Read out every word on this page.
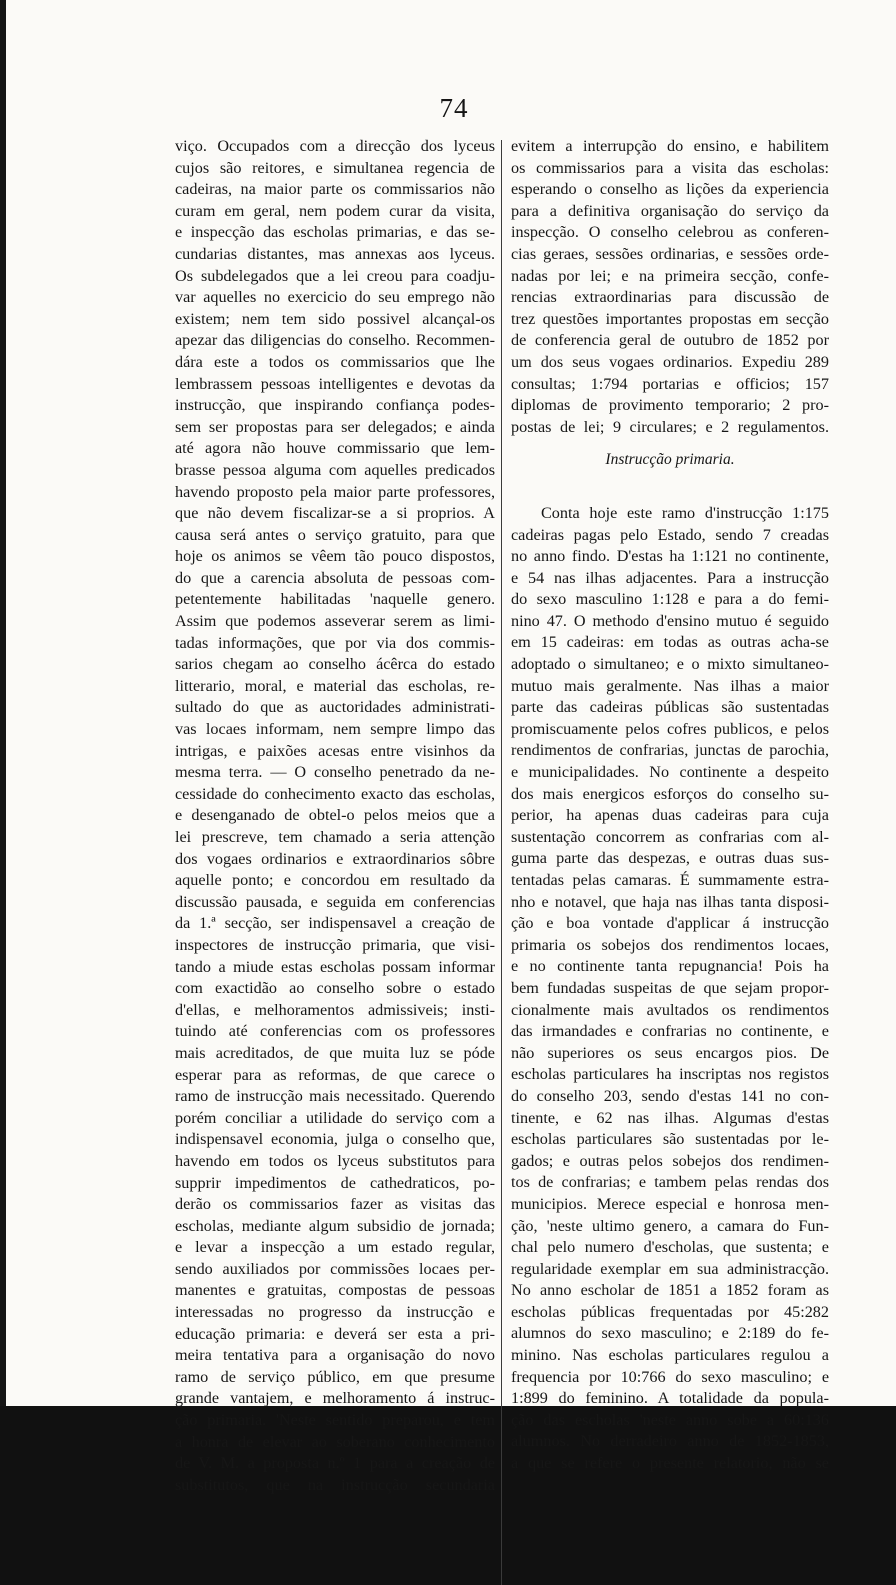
74
viço. Occupados com a direcção dos lyceus
cujos são reitores, e simultanea regencia de
cadeiras, na maior parte os commissarios não
curam em geral, nem podem curar da visita,
e inspecção das escholas primarias, e das se-
cundarias distantes, mas annexas aos lyceus.
Os subdelegados que a lei creou para coadju-
var aquelles no exercicio do seu emprego não
existem; nem tem sido possivel alcançal-os
apezar das diligencias do conselho. Recommen-
dára este a todos os commissarios que lhe
lembrassem pessoas intelligentes e devotas da
instrucção, que inspirando confiança podes-
sem ser propostas para ser delegados; e ainda
até agora não houve commissario que lem-
brasse pessoa alguma com aquelles predicados
havendo proposto pela maior parte professores,
que não devem fiscalizar-se a si proprios. A
causa será antes o serviço gratuito, para que
hoje os animos se vêem tão pouco dispostos,
do que a carencia absoluta de pessoas com-
petentemente habilitadas 'naquelle genero.
Assim que podemos asseverar serem as limi-
tadas informações, que por via dos commis-
sarios chegam ao conselho ácêrca do estado
litterario, moral, e material das escholas, re-
sultado do que as auctoridades administrati-
vas locaes informam, nem sempre limpo das
intrigas, e paixões acesas entre visinhos da
mesma terra. — O conselho penetrado da ne-
cessidade do conhecimento exacto das escholas,
e desenganado de obtel-o pelos meios que a
lei prescreve, tem chamado a seria attenção
dos vogaes ordinarios e extraordinarios sôbre
aquelle ponto; e concordou em resultado da
discussão pausada, e seguida em conferencias
da 1.ª secção, ser indispensavel a creação de
inspectores de instrucção primaria, que visi-
tando a miude estas escholas possam informar
com exactidão ao conselho sobre o estado
d'ellas, e melhoramentos admissiveis; insti-
tuindo até conferencias com os professores
mais acreditados, de que muita luz se póde
esperar para as reformas, de que carece o
ramo de instrucção mais necessitado. Querendo
porém conciliar a utilidade do serviço com a
indispensavel economia, julga o conselho que,
havendo em todos os lyceus substitutos para
supprir impedimentos de cathedraticos, po-
derão os commissarios fazer as visitas das
escholas, mediante algum subsidio de jornada;
e levar a inspecção a um estado regular,
sendo auxiliados por commissões locaes per-
manentes e gratuitas, compostas de pessoas
interessadas no progresso da instrucção e
educação primaria: e deverá ser esta a pri-
meira tentativa para a organisação do novo
ramo de serviço público, em que presume
grande vantajem, e melhoramento á instruc-
ção primaria. 'Neste sentido preparou, e tem
a honra de elevar ao soberano conhecimento
de V. M. a proposta n.º 1 para a creação de
substitutos, que na instrucção secundaria
evitem a interrupção do ensino, e habilitem
os commissarios para a visita das escholas:
esperando o conselho as lições da experiencia
para a definitiva organisação do serviço da
inspecção. O conselho celebrou as conferen-
cias geraes, sessões ordinarias, e sessões orde-
nadas por lei; e na primeira secção, confe-
rencias extraordinarias para discussão de
trez questões importantes propostas em secção
de conferencia geral de outubro de 1852 por
um dos seus vogaes ordinarios. Expediu 289
consultas; 1:794 portarias e officios; 157
diplomas de provimento temporario; 2 pro-
postas de lei; 9 circulares; e 2 regulamentos.
Instrucção primaria.
Conta hoje este ramo d'instrucção 1:175
cadeiras pagas pelo Estado, sendo 7 creadas
no anno findo. D'estas ha 1:121 no continente,
e 54 nas ilhas adjacentes. Para a instrucção
do sexo masculino 1:128 e para a do femi-
nino 47. O methodo d'ensino mutuo é seguido
em 15 cadeiras: em todas as outras acha-se
adoptado o simultaneo; e o mixto simultaneo-
mutuo mais geralmente. Nas ilhas a maior
parte das cadeiras públicas são sustentadas
promiscuamente pelos cofres publicos, e pelos
rendimentos de confrarias, junctas de parochia,
e municipalidades. No continente a despeito
dos mais energicos esforços do conselho su-
perior, ha apenas duas cadeiras para cuja
sustentação concorrem as confrarias com al-
guma parte das despezas, e outras duas sus-
tentadas pelas camaras. É summamente estra-
nho e notavel, que haja nas ilhas tanta disposi-
ção e boa vontade d'applicar á instrucção
primaria os sobejos dos rendimentos locaes,
e no continente tanta repugnancia! Pois ha
bem fundadas suspeitas de que sejam propor-
cionalmente mais avultados os rendimentos
das irmandades e confrarias no continente, e
não superiores os seus encargos pios. De
escholas particulares ha inscriptas nos registos
do conselho 203, sendo d'estas 141 no con-
tinente, e 62 nas ilhas. Algumas d'estas
escholas particulares são sustentadas por le-
gados; e outras pelos sobejos dos rendimen-
tos de confrarias; e tambem pelas rendas dos
municipios. Merece especial e honrosa men-
ção, 'neste ultimo genero, a camara do Fun-
chal pelo numero d'escholas, que sustenta; e
regularidade exemplar em sua administracção.
No anno escholar de 1851 a 1852 foram as
escholas públicas frequentadas por 45:282
alumnos do sexo masculino; e 2:189 do fe-
minino. Nas escholas particulares regulou a
frequencia por 10:766 do sexo masculino; e
1:899 do feminino. A totalidade da popula-
ção das escholas 'neste anno sobe a 60:136
alumnos. No derradeiro anno de 1852-1853,
a que se refere o presente relatorio, não se
